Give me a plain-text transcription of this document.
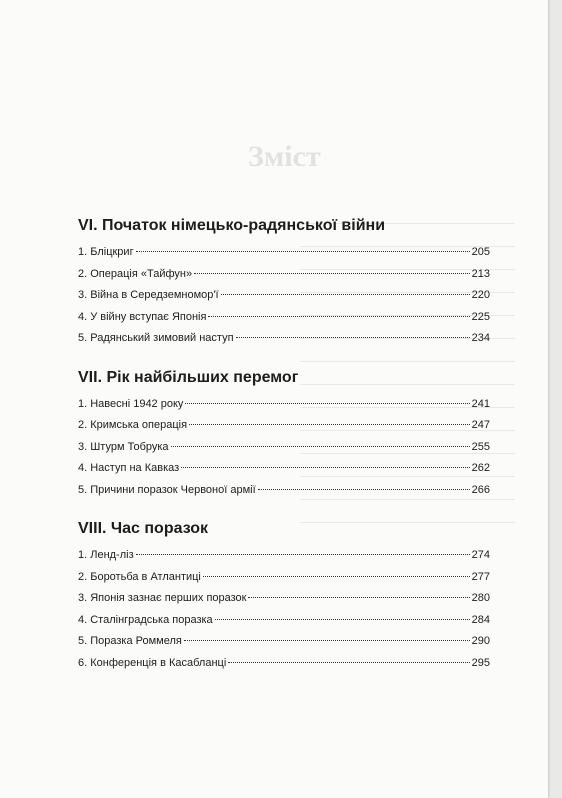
Зміст
VI. Початок німецько-радянської війни
1. Бліцкриг	205
2. Операція «Тайфун»	213
3. Війна в Середземномор'ї	220
4. У війну вступає Японія	225
5. Радянський зимовий наступ	234
VII. Рік найбільших перемог
1. Навесні 1942 року	241
2. Кримська операція	247
3. Штурм Тобрука	255
4. Наступ на Кавказ	262
5. Причини поразок Червоної армії	266
VIII. Час поразок
1. Ленд-ліз	274
2. Боротьба в Атлантиці	277
3. Японія зазнає перших поразок	280
4. Сталінградська поразка	284
5. Поразка Роммеля	290
6. Конференція в Касабланці	295
